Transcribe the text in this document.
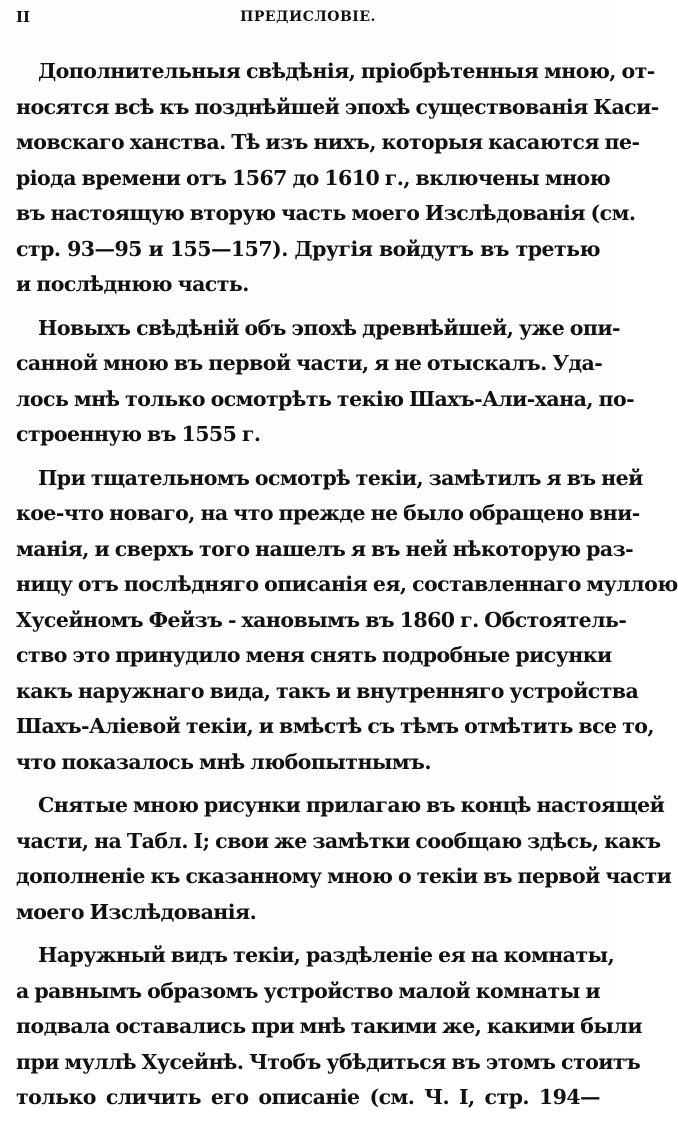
II	ПРЕДИСЛОВІЕ.
Дополнительныя свѣдѣнія, пріобрѣтенныя мною, от-
носятся всѣ къ позднѣйшей эпохѣ существованія Каси-
мовскаго ханства. Тѣ изъ нихъ, которыя касаются пе-
ріода времени отъ 1567 до 1610 г., включены мною
въ настоящую вторую часть моего Изслѣдованія (см.
стр. 93—95 и 155—157). Другія войдутъ въ третью
и послѣднюю часть.
Новыхъ свѣдѣній объ эпохѣ древнѣйшей, уже опи-
санной мною въ первой части, я не отыскалъ. Уда-
лось мнѣ только осмотрѣть текію Шахъ-Али-хана, по-
строенную въ 1555 г.
При тщательномъ осмотрѣ текіи, замѣтилъ я въ ней
кое-что новаго, на что прежде не было обращено вни-
манія, и сверхъ того нашелъ я въ ней нѣкоторую раз-
ницу отъ послѣдняго описанія ея, составленнаго муллою
Хусейномъ Фейзъ - хановымъ въ 1860 г. Обстоятель-
ство это принудило меня снять подробные рисунки
какъ наружнаго вида, такъ и внутренняго устройства
Шахъ-Алiевой текіи, и вмѣстѣ съ тѣмъ отмѣтить все то,
что показалось мнѣ любопытнымъ.
Снятые мною рисунки прилагаю въ концѣ настоящей
части, на Табл. I; свои же замѣтки сообщаю здѣсь, какъ
дополненіе къ сказанному мною о текіи въ первой части
моего Изслѣдованія.
Наружный видъ текіи, раздѣленіе ея на комнаты,
а равнымъ образомъ устройство малой комнаты и
подвала оставались при мнѣ такими же, какими были
при муллѣ Хусейнѣ. Чтобъ убѣдиться въ этомъ стоитъ
только сличить его описаніе (см. Ч. I, стр. 194—
